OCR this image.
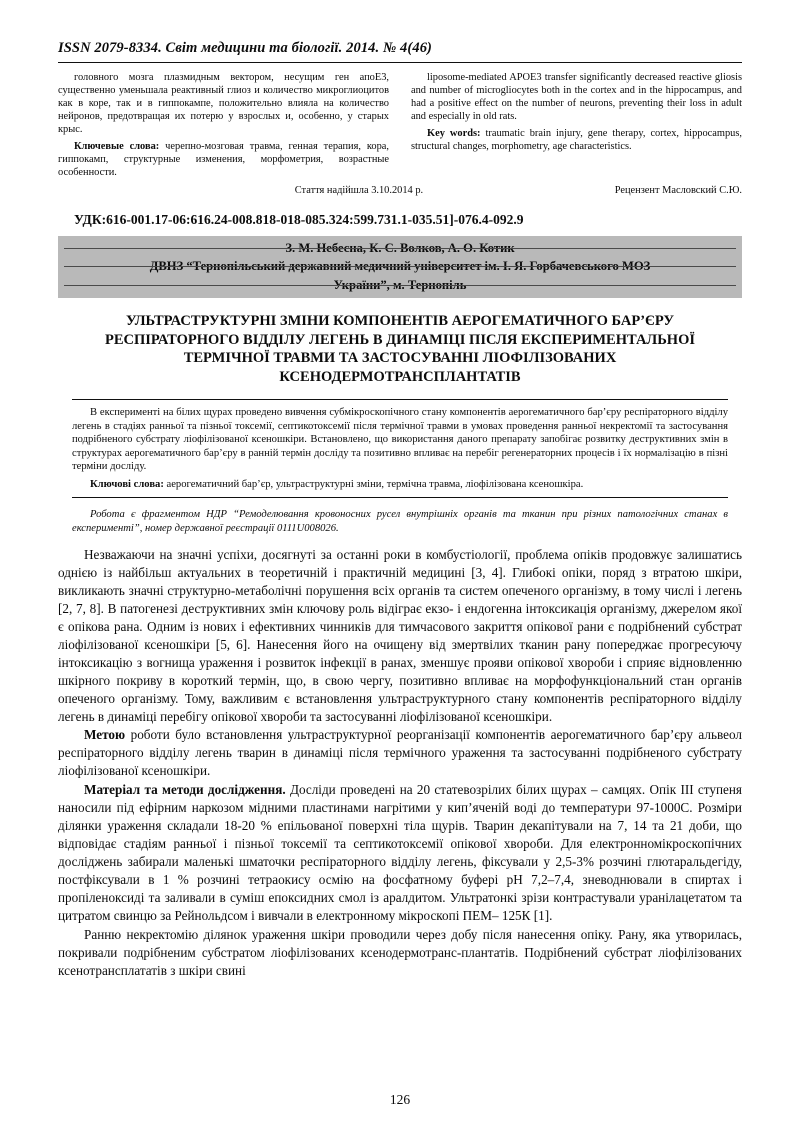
ISSN 2079-8334. Світ медицини та біології. 2014. № 4(46)

головного мозга плазмидным вектором, несущим ген апоЕ3, существенно уменьшала реактивный глиоз и количество микроглиоцитов как в коре, так и в гиппокампе, положительно влияла на количество нейронов, предотвращая их потерю у взрослых и, особенно, у старых крыс.

Ключевые слова: черепно-мозговая травма, генная терапия, кора, гиппокамп, структурные изменения, морфометрия, возрастные особенности.

liposome-mediated APOE3 transfer significantly decreased reactive gliosis and number of microgliocytes both in the cortex and in the hippocampus, and had a positive effect on the number of neurons, preventing their loss in adult and especially in old rats.

Key words: traumatic brain injury, gene therapy, cortex, hippocampus, structural changes, morphometry, age characteristics.

Стаття надійшла 3.10.2014 р.	Рецензент Масловский С.Ю.
УДК:616-001.17-06:616.24-008.818-018-085.324:599.731.1-035.51]-076.4-092.9
З. М. Небесна, К. С. Волков, А. О. Котик
ДВНЗ “Тернопільський державний медичний університет ім. І. Я. Горбачевського МОЗ
України”, м. Тернопіль
УЛЬТРАСТРУКТУРНІ ЗМІНИ КОМПОНЕНТІВ АЕРОГЕМАТИЧНОГО БАР’ЄРУ РЕСПІРАТОРНОГО ВІДДІЛУ ЛЕГЕНЬ В ДИНАМІЦІ ПІСЛЯ ЕКСПЕРИМЕНТАЛЬНОЇ ТЕРМІЧНОЇ ТРАВМИ ТА ЗАСТОСУВАННІ ЛІОФІЛІЗОВАНИХ КСЕНОДЕРМОТРАНСПЛАНТАТІВ

В експерименті на білих щурах проведено вивчення субмікроскопічного стану компонентів аерогематичного бар’єру респіраторного відділу легень в стадіях ранньої та пізньої токсемії, септикотоксемії після термічної травми в умовах проведення ранньої некректомії та застосування подрібненого субстрату ліофілізованої ксеношкіри. Встановлено, що використання даного препарату запобігає розвитку деструктивних змін в структурах аерогематичного бар’єру в ранній термін досліду та позитивно впливає на перебіг регенераторних процесів і їх нормалізацію в пізні терміни досліду.

Ключові слова: аерогематичний бар’єр, ультраструктурні зміни, термічна травма, ліофілізована ксеношкіра.

Робота є фрагментом НДР “Ремоделювання кровоносних русел внутрішніх органів та тканин при різних патологічних станах в експерименті”, номер державної реєстрації 0111U008026.

Незважаючи на значні успіхи, досягнуті за останні роки в комбустіології, проблема опіків продовжує залишатись однією із найбільш актуальних в теоретичній і практичній медицині [3, 4]. Глибокі опіки, поряд з втратою шкіри, викликають значні структурно-метаболічні порушення всіх органів та систем опеченого організму, в тому числі і легень [2, 7, 8]. В патогенезі деструктивних змін ключову роль відіграє екзо- і ендогенна інтоксикація організму, джерелом якої є опікова рана. Одним із нових і ефективних чинників для тимчасового закриття опікової рани є подрібнений субстрат ліофілізованої ксеношкіри [5, 6]. Нанесення його на очищену від змертвілих тканин рану попереджає прогресуючу інтоксикацію з вогнища ураження і розвиток інфекції в ранах, зменшує прояви опікової хвороби і сприяє відновленню шкірного покриву в короткий термін, що, в свою чергу, позитивно впливає на морфофункціональний стан органів опеченого організму. Тому, важливим є встановлення ультраструктурного стану компонентів респіраторного відділу легень в динаміці перебігу опікової хвороби та застосуванні ліофілізованої ксеношкіри.

Метою роботи було встановлення ультраструктурної реорганізації компонентів аерогематичного бар’єру альвеол респіраторного відділу легень тварин в динаміці після термічного ураження та застосуванні подрібненого субстрату ліофілізованої ксеношкіри.

Матеріал та методи дослідження. Досліди проведені на 20 статевозрілих білих щурах – самцях. Опік III ступеня наносили під ефірним наркозом мідними пластинами нагрітими у кип’яченій воді до температури 97-1000С. Розміри ділянки ураження складали 18-20 % епільованої поверхні тіла щурів. Тварин декапітували на 7, 14 та 21 доби, що відповідає стадіям ранньої і пізньої токсемії та септикотоксемії опікової хвороби. Для електронномікроскопічних досліджень забирали маленькі шматочки респіраторного відділу легень, фіксували у 2,5-3% розчині глютаральдегіду, постфіксували в 1 % розчині тетраокису осмію на фосфатному буфері рН 7,2–7,4, зневоднювали в спиртах і пропіленоксиді та заливали в суміш епоксидних смол із аралдитом. Ультратонкі зрізи контрастували уранілацетатом та цитратом свинцю за Рейнольдсом і вивчали в електронному мікроскопі ПЕМ– 125К [1].

Ранню некректомію ділянок ураження шкіри проводили через добу після нанесення опіку. Рану, яка утворилась, покривали подрібненим субстратом ліофілізованих ксенодермотранс-плантатів. Подрібнений субстрат ліофілізованих ксенотрансплататів з шкіри свині

126
